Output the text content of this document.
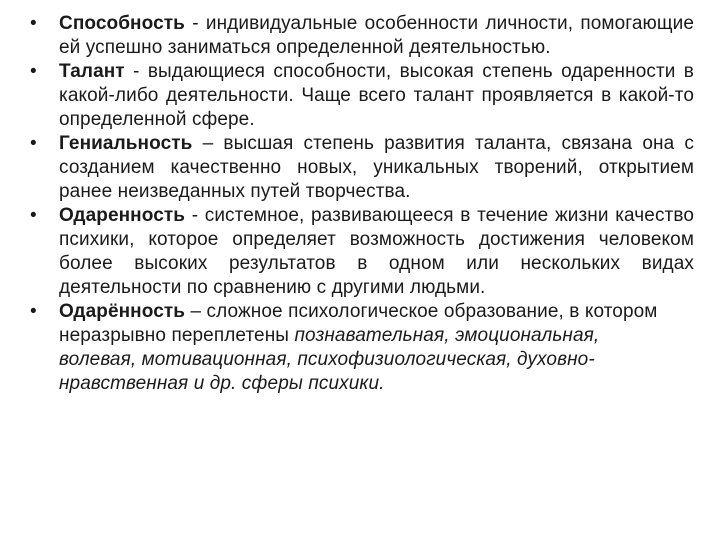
• Способность - индивидуальные особенности личности, помогающие ей успешно заниматься определенной деятельностью.
• Талант - выдающиеся способности, высокая степень одаренности в какой-либо деятельности. Чаще всего талант проявляется в какой-то определенной сфере.
• Гениальность – высшая степень развития таланта, связана она с созданием качественно новых, уникальных творений, открытием ранее неизведанных путей творчества.
• Одаренность - системное, развивающееся в течение жизни качество психики, которое определяет возможность достижения человеком более высоких результатов в одном или нескольких видах деятельности по сравнению с другими людьми.
• Одарённость – сложное психологическое образование, в котором неразрывно переплетены познавательная, эмоциональная, волевая, мотивационная, психофизиологическая, духовно-нравственная и др. сферы психики.
